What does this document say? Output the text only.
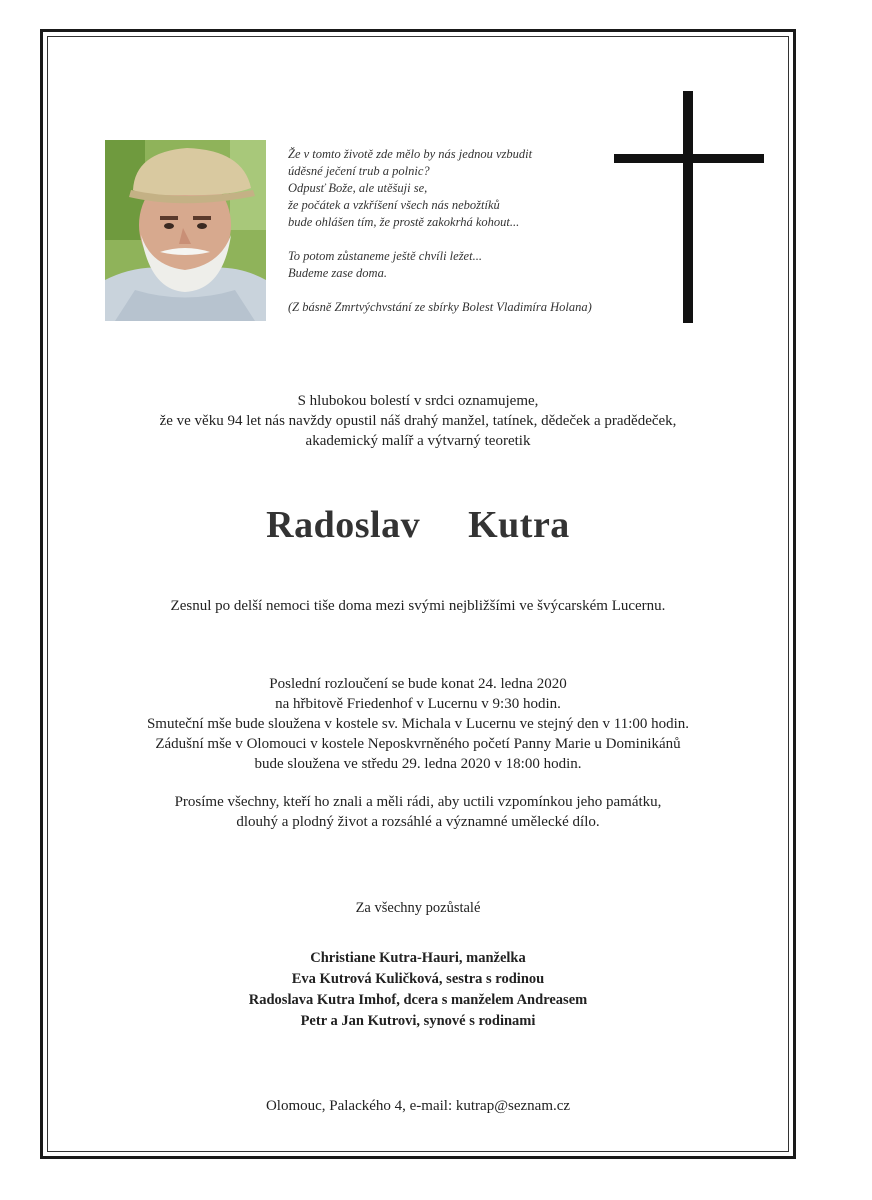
Že v tomto životě zde mělo by nás jednou vzbudit
úděsné ječení trub a polnic?
Odpusť Bože, ale utěšuji se,
že počátek a vzkříšení všech nás nebožtíků
bude ohlášen tím, že prostě zakokrhá kohout...
To potom zůstaneme ještě chvíli ležet...
Budeme zase doma.
(Z básně Zmrtvýchvstání ze sbírky Bolest Vladimíra Holana)
S hlubokou bolestí v srdci oznamujeme,
že ve věku 94 let nás navždy opustil náš drahý manžel, tatínek, dědeček a pradědeček,
akademický malíř a výtvarný teoretik
Radoslav  Kutra
Zesnul po delší nemoci tiše doma mezi svými nejbližšími ve švýcarském Lucernu.
Poslední rozloučení se bude konat 24. ledna 2020
na hřbitově Friedenhof v Lucernu v 9:30 hodin.
Smuteční mše bude sloužena v kostele sv. Michala v Lucernu ve stejný den v 11:00 hodin.
Zádušní mše v Olomouci v kostele Neposkvrněného početí Panny Marie u Dominikánů
bude sloužena ve středu 29. ledna 2020 v 18:00 hodin.
Prosíme všechny, kteří ho znali a měli rádi, aby uctili vzpomínkou jeho památku,
dlouhý a plodný život a rozsáhlé a významné umělecké dílo.
Za všechny pozůstalé
Christiane Kutra-Hauri, manželka
Eva Kutrová Kuličková, sestra s rodinou
Radoslava Kutra Imhof, dcera s manželem Andreasem
Petr a Jan Kutrovi, synové s rodinami
Olomouc, Palackého 4, e-mail: kutrap@seznam.cz
